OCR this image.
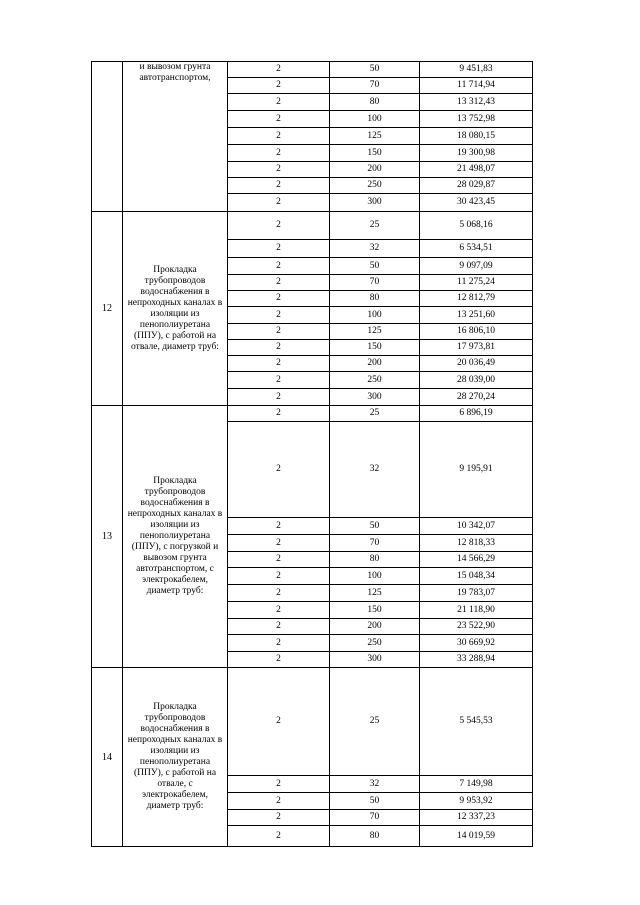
	и вывозом грунта автотранспортом,	2	50	9 451,83
		2	70	11 714,94
		2	80	13 312,43
		2	100	13 752,98
		2	125	18 080,15
		2	150	19 300,98
		2	200	21 498,07
		2	250	28 029,87
		2	300	30 423,45
12	Прокладка трубопроводов водоснабжения в непроходных каналах в изоляции из пенополиуретана (ППУ), с работой на отвале, диаметр труб:	2	25	5 068,16
		2	32	6 534,51
		2	50	9 097,09
		2	70	11 275,24
		2	80	12 812,79
		2	100	13 251,60
		2	125	16 806,10
		2	150	17 973,81
		2	200	20 036,49
		2	250	28 039,00
		2	300	28 270,24
13	Прокладка трубопроводов водоснабжения в непроходных каналах в изоляции из пенополиуретана (ППУ), с погрузкой и вывозом грунта автотранспортом, с электрокабелем, диаметр труб:	2	25	6 896,19
		2	32	9 195,91
		2	50	10 342,07
		2	70	12 818,33
		2	80	14 566,29
		2	100	15 048,34
		2	125	19 783,07
		2	150	21 118,90
		2	200	23 522,90
		2	250	30 669,92
		2	300	33 288,94
14	Прокладка трубопроводов водоснабжения в непроходных каналах в изоляции из пенополиуретана (ППУ), с работой на отвале, с электрокабелем, диаметр труб:	2	25	5 545,53
		2	32	7 149,98
		2	50	9 953,92
		2	70	12 337,23
		2	80	14 019,59
